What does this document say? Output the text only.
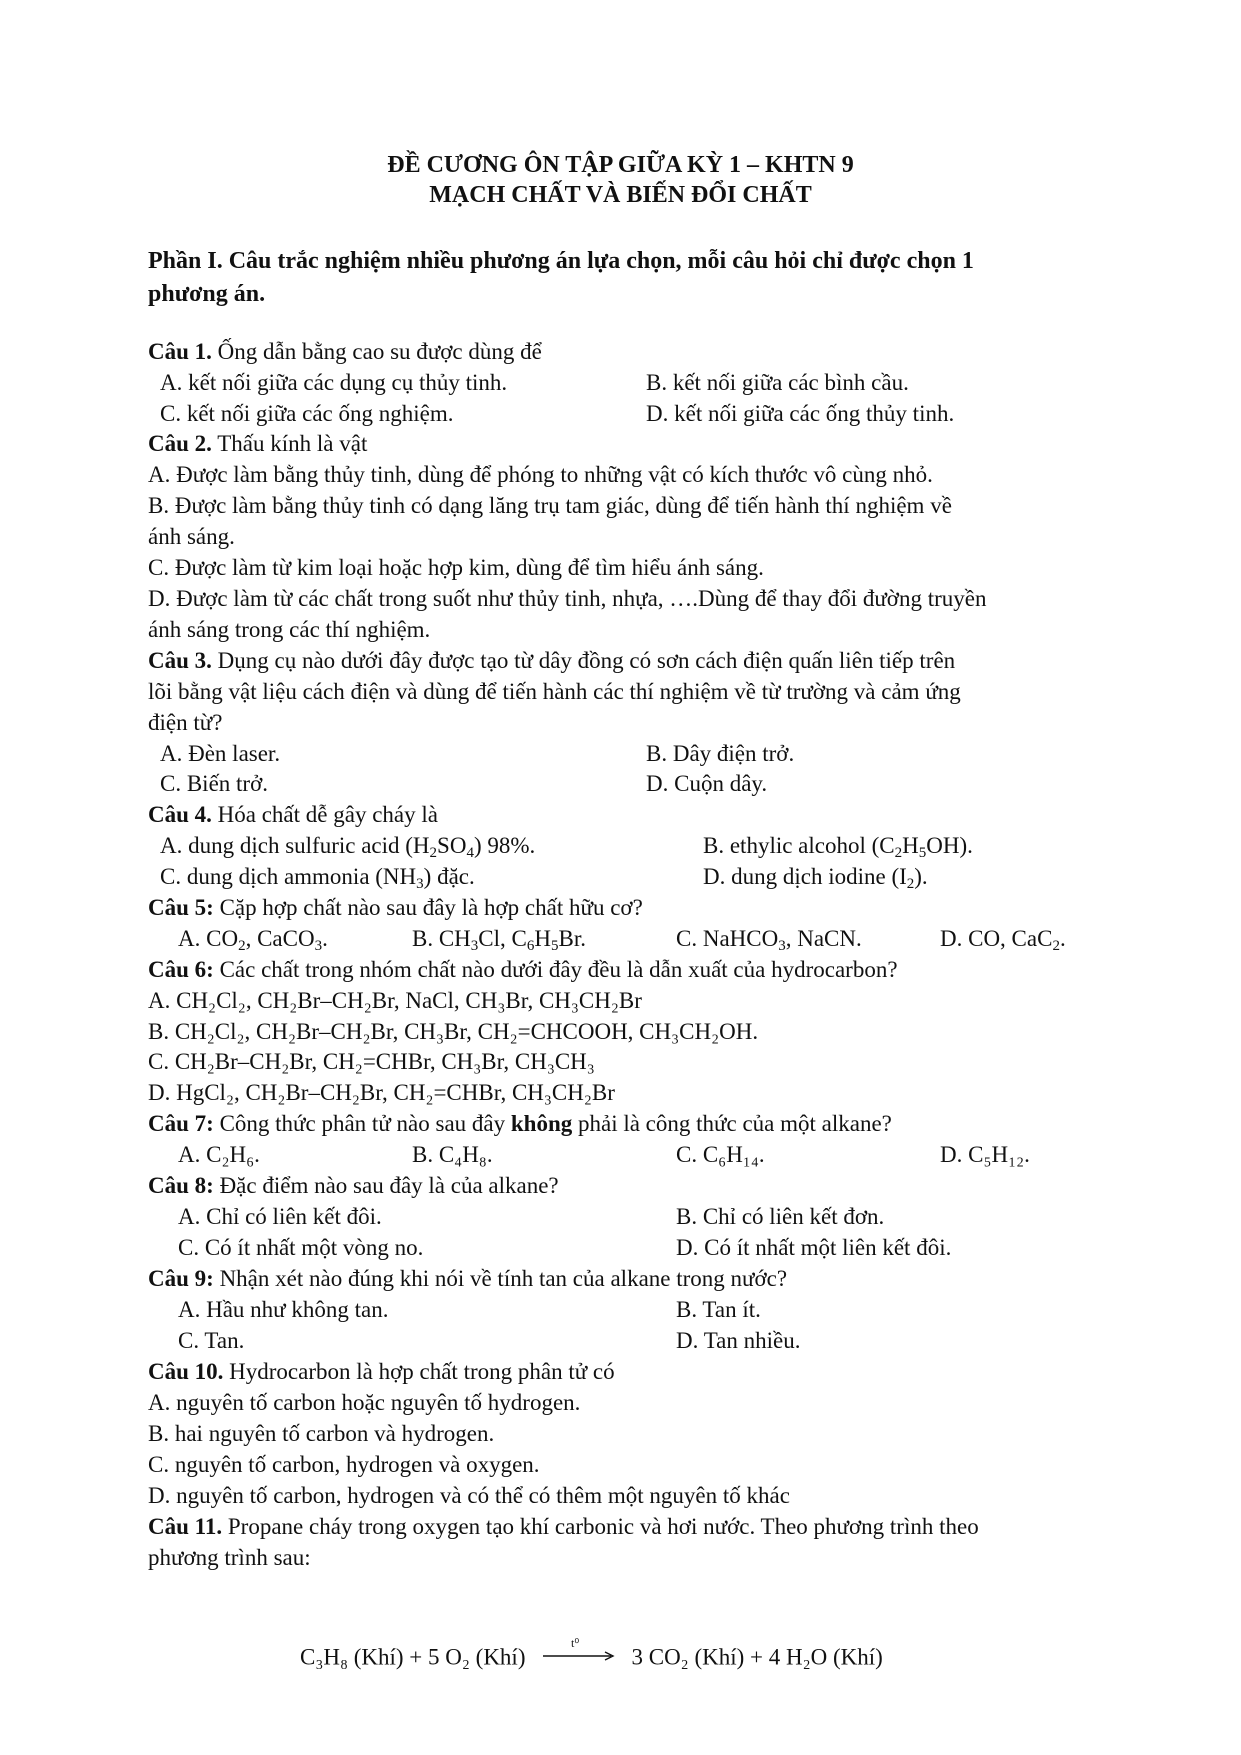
ĐỀ CƯƠNG ÔN TẬP GIỮA KỲ 1 – KHTN 9
MẠCH CHẤT VÀ BIẾN ĐỔI CHẤT
Phần I. Câu trắc nghiệm nhiều phương án lựa chọn, mỗi câu hỏi chỉ được chọn 1
phương án.
Câu 1. Ống dẫn bằng cao su được dùng để
A. kết nối giữa các dụng cụ thủy tinh.	B. kết nối giữa các bình cầu.
C. kết nối giữa các ống nghiệm.	D. kết nối giữa các ống thủy tinh.
Câu 2. Thấu kính là vật
A. Được làm bằng thủy tinh, dùng để phóng to những vật có kích thước vô cùng nhỏ.
B. Được làm bằng thủy tinh có dạng lăng trụ tam giác, dùng để tiến hành thí nghiệm về
ánh sáng.
C. Được làm từ kim loại hoặc hợp kim, dùng để tìm hiểu ánh sáng.
D. Được làm từ các chất trong suốt như thủy tinh, nhựa, ….Dùng để thay đổi đường truyền
ánh sáng trong các thí nghiệm.
Câu 3. Dụng cụ nào dưới đây được tạo từ dây đồng có sơn cách điện quấn liên tiếp trên
lõi bằng vật liệu cách điện và dùng để tiến hành các thí nghiệm về từ trường và cảm ứng
điện từ?
A. Đèn laser.	B. Dây điện trở.
C. Biến trở.	D. Cuộn dây.
Câu 4. Hóa chất dễ gây cháy là
A. dung dịch sulfuric acid $(H_2SO_4)$ 98%.	B. ethylic alcohol $(C_2H_5OH)$.
C. dung dịch ammonia $(NH_3)$ đặc.	D. dung dịch iodine $(I_2)$.
Câu 5: Cặp hợp chất nào sau đây là hợp chất hữu cơ?
A. $CO_2$, CaCO$_3$.	B. $CH_3Cl$, $C_6H_5Br$.	C. NaHCO$_3$, NaCN.	D. CO, CaC$_2$.
Câu 6: Các chất trong nhóm chất nào dưới đây đều là dẫn xuất của hydrocarbon?
A. CH₂Cl₂, CH₂Br–CH₂Br, NaCl, CH₃Br, CH₃CH₂Br
B. CH₂Cl₂, CH₂Br–CH₂Br, CH₃Br, CH₂=CHCOOH, CH₃CH₂OH.
C. CH₂Br–CH₂Br, CH₂=CHBr, CH₃Br, CH₃CH₃
D. HgCl₂, CH₂Br–CH₂Br, CH₂=CHBr, CH₃CH₂Br
Câu 7: Công thức phân tử nào sau đây không phải là công thức của một alkane?
A. C₂H₆.	B. C₄H₈.	C. C₆H₁₄.	D. C₅H₁₂.
Câu 8: Đặc điểm nào sau đây là của alkane?
A. Chỉ có liên kết đôi.	B. Chỉ có liên kết đơn.
C. Có ít nhất một vòng no.	D. Có ít nhất một liên kết đôi.
Câu 9: Nhận xét nào đúng khi nói về tính tan của alkane trong nước?
A. Hầu như không tan.	B. Tan ít.
C. Tan.	D. Tan nhiều.
Câu 10. Hydrocarbon là hợp chất trong phân tử có
A. nguyên tố carbon hoặc nguyên tố hydrogen.
B. hai nguyên tố carbon và hydrogen.
C. nguyên tố carbon, hydrogen và oxygen.
D. nguyên tố carbon, hydrogen và có thể có thêm một nguyên tố khác
Câu 11. Propane cháy trong oxygen tạo khí carbonic và hơi nước. Theo phương trình theo
phương trình sau:
C₃H₈ (Khí) + 5 O₂ (Khí)
t⁰
3 CO₂ (Khí) + 4 H₂O (Khí)
